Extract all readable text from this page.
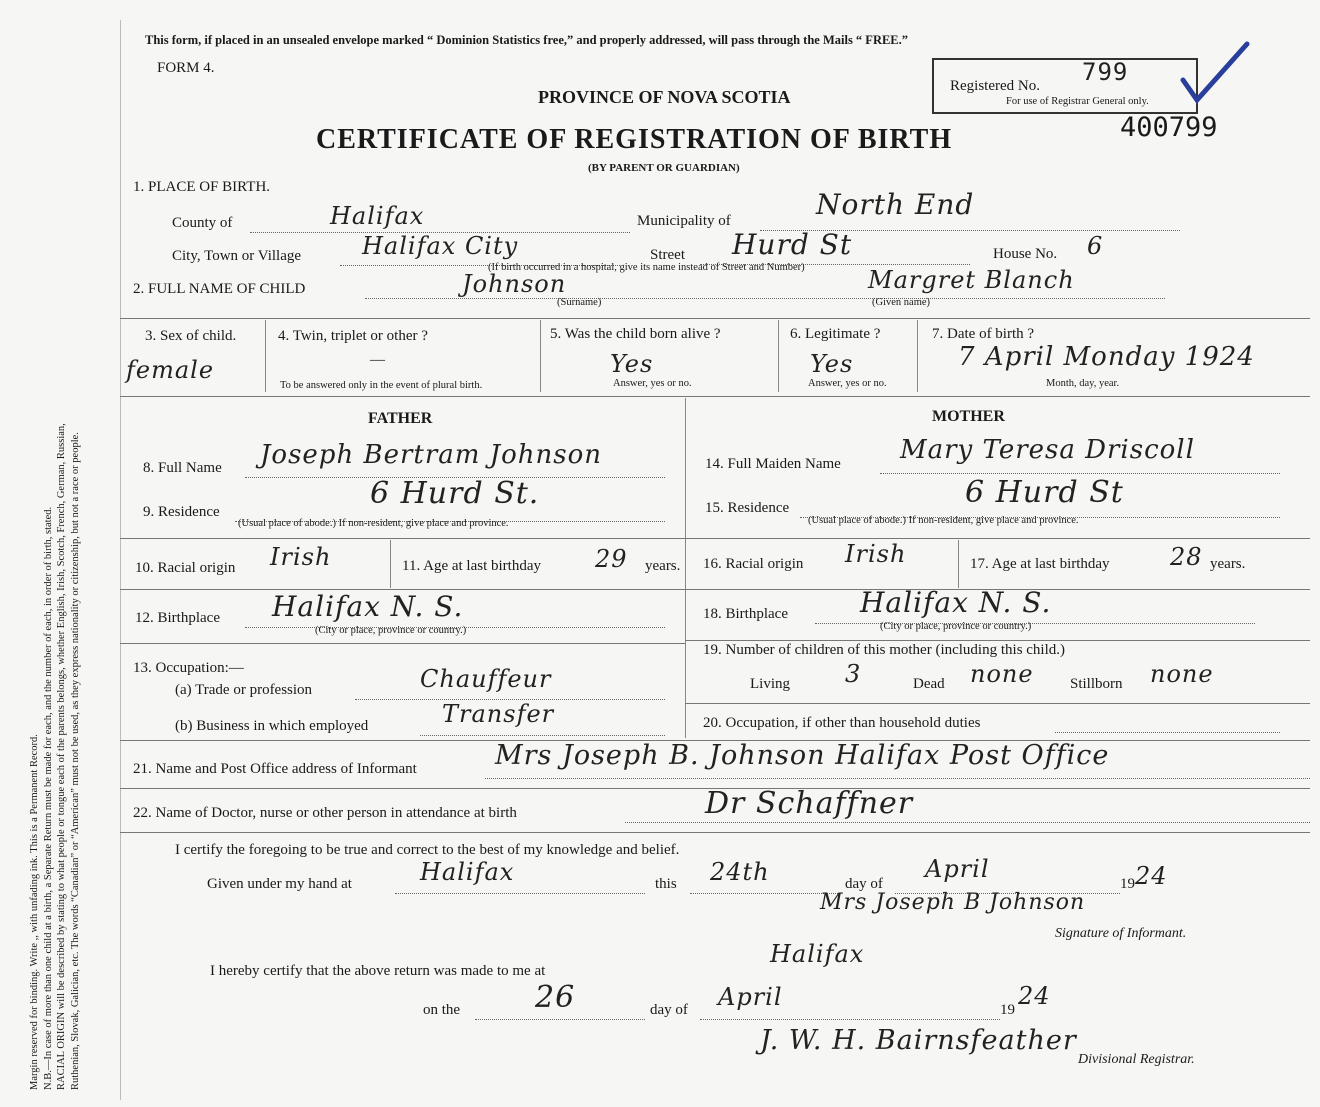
Margin reserved for binding. Write ,, with unfading ink. This is a Permanent Record. N.B.—In case of more than one child at a birth, a Separate Return must be made for each, and the number of each, in order of birth, stated. RACIAL ORIGIN will be described by stating to what people or tongue each of the parents belongs, whether English, Irish, Scotch, French, German, Russian, Ruthenian, Slovak, Galician, etc. The words “Canadian” or “American” must not be used, as they express nationality or citizenship, but not a race or people.
This form, if placed in an unsealed envelope marked “ Dominion Statistics free,” and properly addressed, will pass through the Mails “ FREE.”
FORM 4.
PROVINCE OF NOVA SCOTIA
CERTIFICATE OF REGISTRATION OF BIRTH
(BY PARENT OR GUARDIAN)
Registered No. 799
For use of Registrar General only.
400799
1. PLACE OF BIRTH.
County of	Halifax	Municipality of	North End
City, Town or Village	Halifax City	Street Hurd St	House No. 6
(If birth occurred in a hospital, give its name instead of Street and Number)
2. FULL NAME OF CHILD	Johnson
(Surname)
Margret Blanch
(Given name)
3. Sex of child.
female
4. Twin, triplet or other ?
—
To be answered only in the event of plural birth.
5. Was the child born alive ?
Yes
Answer, yes or no.
6. Legitimate ?
Yes
Answer, yes or no.
7. Date of birth ?
7 April Monday 1924
Month, day, year.
FATHER	MOTHER
8. Full Name Joseph Bertram Johnson
9. Residence
6 Hurd St.
(Usual place of abode.) If non-resident, give place and province.
10. Racial origin Irish	11. Age at last birthday 29 years.
12. Birthplace Halifax N. S.
(City or place, province or country.)
13. Occupation:—
(a) Trade or profession	Chauffeur
(b) Business in which employed	Transfer
14. Full Maiden Name Mary Teresa Driscoll
15. Residence	6 Hurd St
(Usual place of abode.) If non-resident, give place and province.
16. Racial origin Irish	17. Age at last birthday	28 years.
18. Birthplace	Halifax N. S.
(City or place, province or country.)
19. Number of children of this mother (including this child.)
Living 3	Dead none Stillborn none
20. Occupation, if other than household duties
21. Name and Post Office address of Informant	Mrs Joseph B. Johnson Halifax Post Office
22. Name of Doctor, nurse or other person in attendance at birth	Dr Schaffner
I certify the foregoing to be true and correct to the best of my knowledge and belief.
Given under my hand at	Halifax	this 24th	day of
April
19 24
Mrs Joseph B Johnson
Signature of Informant.
I hereby certify that the above return was made to me at
Halifax
on the 26	day of April	19 24
J. W. H. Bairnsfeather
Divisional Registrar.
